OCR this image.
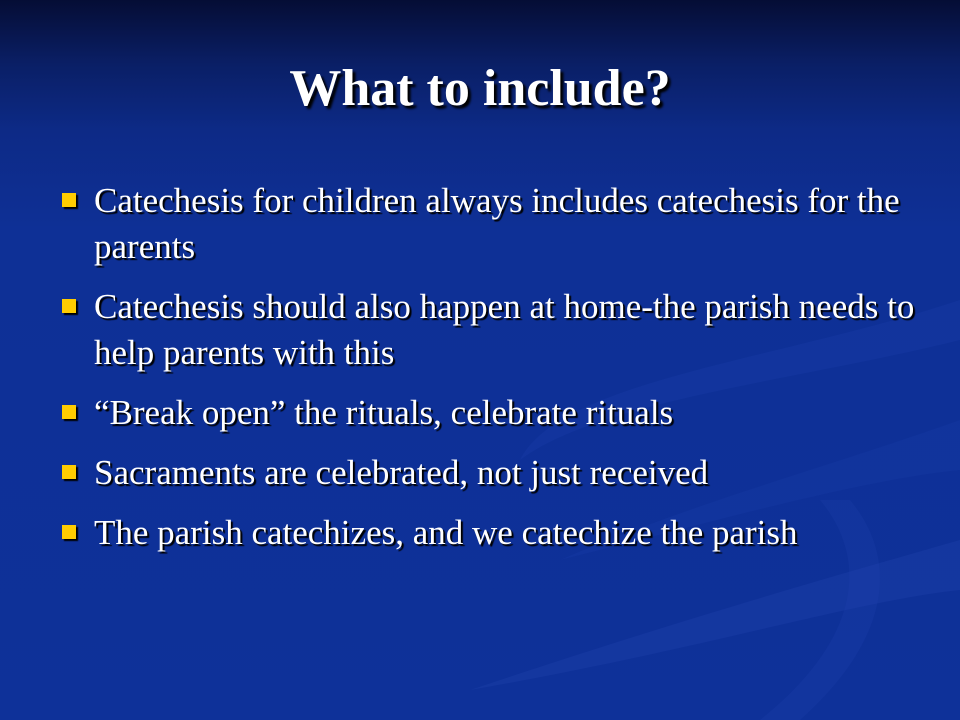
What to include?
Catechesis for children always includes catechesis for the parents
Catechesis should also happen at home-the parish needs to help parents with this
“Break open” the rituals, celebrate rituals
Sacraments are celebrated, not just received
The parish catechizes, and we catechize the parish
